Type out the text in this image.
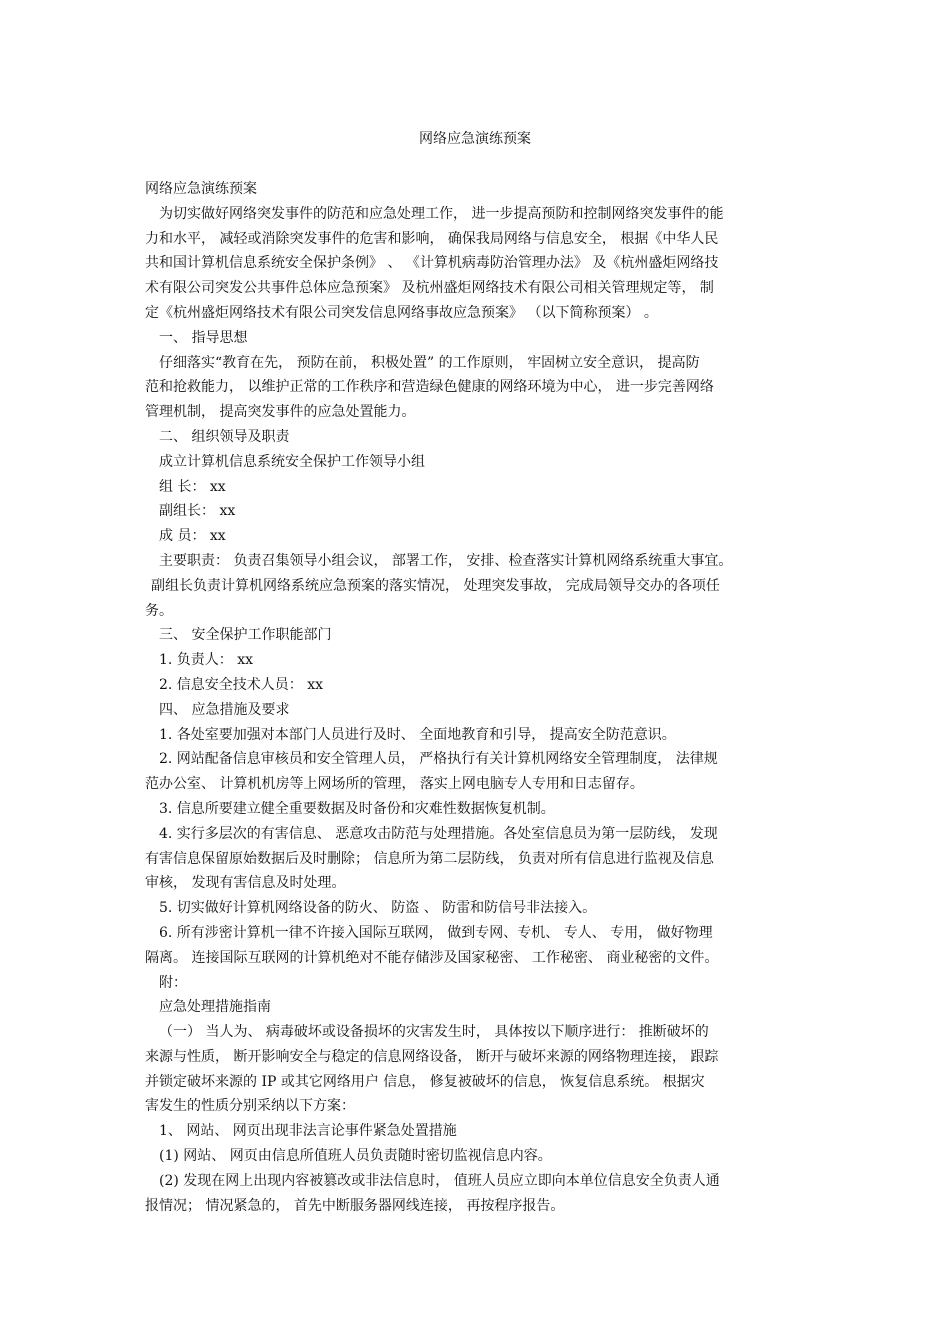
网络应急演练预案

网络应急演练预案

为切实做好网络突发事件的防范和应急处理工作， 进一步提高预防和控制网络突发事件的能

力和水平， 减轻或消除突发事件的危害和影响， 确保我局网络与信息安全， 根据《中华人民

共和国计算机信息系统安全保护条例》 、 《计算机病毒防治管理办法》 及《杭州盛炬网络技

术有限公司突发公共事件总体应急预案》 及杭州盛炬网络技术有限公司相关管理规定等， 制

定《杭州盛炬网络技术有限公司突发信息网络事故应急预案》 （以下简称预案） 。

一、 指导思想

仔细落实“教育在先， 预防在前， 积极处置” 的工作原则， 牢固树立安全意识， 提高防

范和抢救能力， 以维护正常的工作秩序和营造绿色健康的网络环境为中心， 进一步完善网络

管理机制， 提高突发事件的应急处置能力。

二、 组织领导及职责

成立计算机信息系统安全保护工作领导小组

组 长： xx

副组长： xx

成 员： xx

主要职责： 负责召集领导小组会议， 部署工作， 安排、检查落实计算机网络系统重大事宜。

副组长负责计算机网络系统应急预案的落实情况， 处理突发事故， 完成局领导交办的各项任

务。

三、 安全保护工作职能部门

1. 负责人： xx

2. 信息安全技术人员： xx

四、 应急措施及要求

1. 各处室要加强对本部门人员进行及时、 全面地教育和引导， 提高安全防范意识。

2. 网站配备信息审核员和安全管理人员， 严格执行有关计算机网络安全管理制度， 法律规

范办公室、 计算机机房等上网场所的管理， 落实上网电脑专人专用和日志留存。

3. 信息所要建立健全重要数据及时备份和灾难性数据恢复机制。

4. 实行多层次的有害信息、 恶意攻击防范与处理措施。各处室信息员为第一层防线， 发现

有害信息保留原始数据后及时删除； 信息所为第二层防线， 负责对所有信息进行监视及信息

审核， 发现有害信息及时处理。

5. 切实做好计算机网络设备的防火、 防盗 、 防雷和防信号非法接入。

6. 所有涉密计算机一律不许接入国际互联网， 做到专网、专机、 专人、 专用， 做好物理

隔离。 连接国际互联网的计算机绝对不能存储涉及国家秘密、 工作秘密、 商业秘密的文件。

附：

应急处理措施指南

（一） 当人为、 病毒破坏或设备损坏的灾害发生时， 具体按以下顺序进行： 推断破坏的

来源与性质， 断开影响安全与稳定的信息网络设备， 断开与破坏来源的网络物理连接， 跟踪

并锁定破坏来源的 IP 或其它网络用户 信息， 修复被破坏的信息， 恢复信息系统。 根据灾

害发生的性质分别采纳以下方案：

1、 网站、 网页出现非法言论事件紧急处置措施

(1) 网站、 网页由信息所值班人员负责随时密切监视信息内容。

(2) 发现在网上出现内容被篡改或非法信息时， 值班人员应立即向本单位信息安全负责人通

报情况； 情况紧急的， 首先中断服务器网线连接， 再按程序报告。
